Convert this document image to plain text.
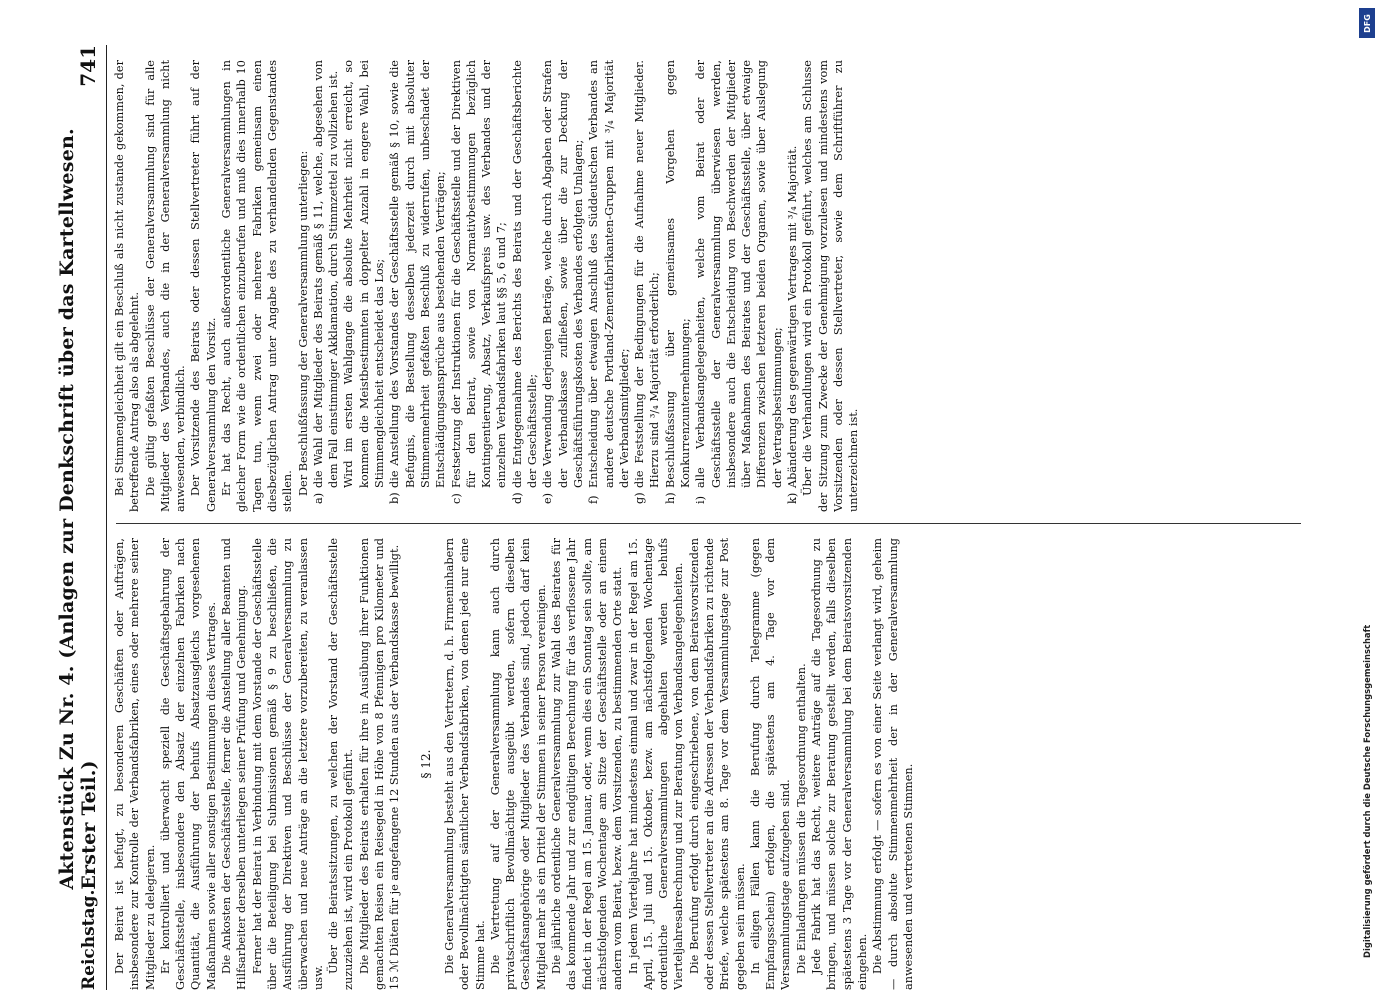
Reichstag.
Aktenstück Zu Nr. 4. (Anlagen zur Denkschrift über das Kartellwesen. Erster Teil.)
741

Der Beirat ist befugt, zu besonderen Geschäften oder Aufträgen, insbesondere zur Kontrolle der Verbandsfabriken, eines oder mehrere seiner Mitglieder zu delegieren. Er kontrolliert und überwacht speziell die Geschäftsgebahrung der Geschäftsstelle, insbesondere den Absatz der einzelnen Fabriken nach Quantität, die Ausführung der behufs Absatzausgleichs vorgesehenen Maßnahmen sowie aller sonstigen Bestimmungen dieses Vertrages. Die Ankosten der Geschäftsstelle, ferner die Anstellung aller Beamten und Hilfsarbeiter derselben unterliegen seiner Prüfung und Genehmigung. Ferner hat der Beirat in Verbindung mit dem Vorstande der Geschäftsstelle über die Beteiligung bei Submissionen gemäß § 9 zu beschließen, die Ausführung der Direktiven und Beschlüsse der Generalversammlung zu überwachen und neue Anträge an die letztere vorzubereiten, zu veranlassen usw.

Über die Beiratssitzungen, zu welchen der Vorstand der Geschäftsstelle zuzuziehen ist, wird ein Protokoll geführt. Die Mitglieder des Beirats erhalten für ihre in Ausübung ihrer Funktionen gemachten Reisen ein Reisegeld in Höhe von 8 Pfennigen pro Kilometer und 15 ℳ Diäten für je angefangene 12 Stunden aus der Verbandskasse bewilligt. § 12. Die Generalversammlung besteht aus den Vertretern, d. h. Firmeninhabern oder Bevollmächtigten sämtlicher Verbandsfabriken, von denen jede nur eine Stimme hat. Die Vertretung auf der Generalversammlung kann auch durch privatschriftlich Bevollmächtigte ausgeübt werden, sofern dieselben Geschäftsangehörige oder Mitglieder des Verbandes sind, jedoch darf kein Mitglied mehr als ein Drittel der Stimmen in seiner Person vereinigen. Die jährliche ordentliche Generalversammlung zur Wahl des Beirates für das kommende Jahr und zur endgültigen Berechnung für das verflossene Jahr findet in der Regel am 15. Januar, oder, wenn dies ein Sonntag sein sollte, am nächstfolgenden Wochentage am Sitze der Geschäftsstelle oder an einem andern vom Beirat, bezw. dem Vorsitzenden, zu bestimmenden Orte statt. In jedem Vierteljahre hat mindestens einmal und zwar in der Regel am 15. April, 15. Juli und 15. Oktober, bezw. am nächstfolgenden Wochentage ordentliche Generalversammlungen abgehalten werden behufs Vierteljahresabrechnung und zur Beratung von Verbandsangelegenheiten. Die Berufung erfolgt durch eingeschriebene, von dem Beiratsvorsitzenden oder dessen Stellvertreter an die Adressen der Verbandsfabriken zu richtende Briefe, welche spätestens am 8. Tage vor dem Versammlungstage zur Post gegeben sein müssen. In eiligen Fällen kann die Berufung durch Telegramme (gegen Empfangsschein) erfolgen, die spätestens am 4. Tage vor dem Versammlungstage aufzugeben sind. Die Einladungen müssen die Tagesordnung enthalten. Jede Fabrik hat das Recht, weitere Anträge auf die Tagesordnung zu bringen, und müssen solche zur Beratung gestellt werden, falls dieselben spätestens 3 Tage vor der Generalversammlung bei dem Beiratsvorsitzenden eingehen. Die Abstimmung erfolgt — sofern es von einer Seite verlangt wird, geheim — durch absolute Stimmenmehrheit der in der Generalversammlung anwesenden und vertretenen Stimmen.

Bei Stimmengleichheit gilt ein Beschluß als nicht zustande gekommen, der betreffende Antrag also als abgelehnt. Die gültig gefaßten Beschlüsse der Generalversammlung sind für alle Mitglieder des Verbandes, auch die in der Generalversammlung nicht anwesenden, verbindlich. Der Vorsitzende des Beirats oder dessen Stellvertreter führt auf der Generalversammlung den Vorsitz. Er hat das Recht, auch außerordentliche Generalversammlungen in gleicher Form wie die ordentlichen einzuberufen und muß dies innerhalb 10 Tagen tun, wenn zwei oder mehrere Fabriken gemeinsam einen diesbezüglichen Antrag unter Angabe des zu verhandelnden Gegenstandes stellen. Der Beschlußfassung der Generalversammlung unterliegen:

a)die Wahl der Mitglieder des Beirats gemäß § 11, welche, abgesehen von dem Fall einstimmiger Akklamation, durch Stimmzettel zu vollziehen ist. Wird im ersten Wahlgange die absolute Mehrheit nicht erreicht, so kommen die Meistbestimmten in doppelter Anzahl in engere Wahl, bei Stimmengleichheit entscheidet das Los;

b)die Anstellung des Vorstandes der Geschäftsstelle gemäß § 10, sowie die Befugnis, die Bestellung desselben jederzeit durch mit absoluter Stimmenmehrheit gefaßten Beschluß zu widerrufen, unbeschadet der Entschädigungsansprüche aus bestehenden Verträgen;

c)Festsetzung der Instruktionen für die Geschäftsstelle und der Direktiven für den Beirat, sowie von Normativbestimmungen bezüglich Kontingentierung, Absatz, Verkaufspreis usw. des Verbandes und der einzelnen Verbandsfabriken laut §§ 5, 6 und 7;

d)die Entgegennahme des Berichts des Beirats und der Geschäftsberichte der Geschäftsstelle;

e)die Verwendung derjenigen Beträge, welche durch Abgaben oder Strafen der Verbandskasse zufließen, sowie über die zur Deckung der Geschäftsführungskosten des Verbandes erfolgten Umlagen;

f)Entscheidung über etwaigen Anschluß des Süddeutschen Verbandes an andere deutsche Portland-Zementfabrikanten-Gruppen mit ³/₄ Majorität der Verbandsmitglieder;

g)die Feststellung der Bedingungen für die Aufnahme neuer Mitglieder. Hierzu sind ³/₄ Majorität erforderlich;

h)Beschlußfassung über gemeinsames Vorgehen gegen Konkurrenzunternehmungen;

i)alle Verbandsangelegenheiten, welche vom Beirat oder der Geschäftsstelle der Generalversammlung überwiesen werden, insbesondere auch die Entscheidung von Beschwerden der Mitglieder über Maßnahmen des Beirates und der Geschäftsstelle, über etwaige Differenzen zwischen letzteren beiden Organen, sowie über Auslegung der Vertragsbestimmungen;

k)Abänderung des gegenwärtigen Vertrages mit ³/₄ Majorität. Über die Verhandlungen wird ein Protokoll geführt, welches am Schlusse der Sitzung zum Zwecke der Genehmigung vorzulesen und mindestens vom Vorsitzenden oder dessen Stellvertreter, sowie dem Schriftführer zu unterzeichnen ist.

Digitalisierung gefördert durch die Deutsche Forschungsgemeinschaft
DFG
